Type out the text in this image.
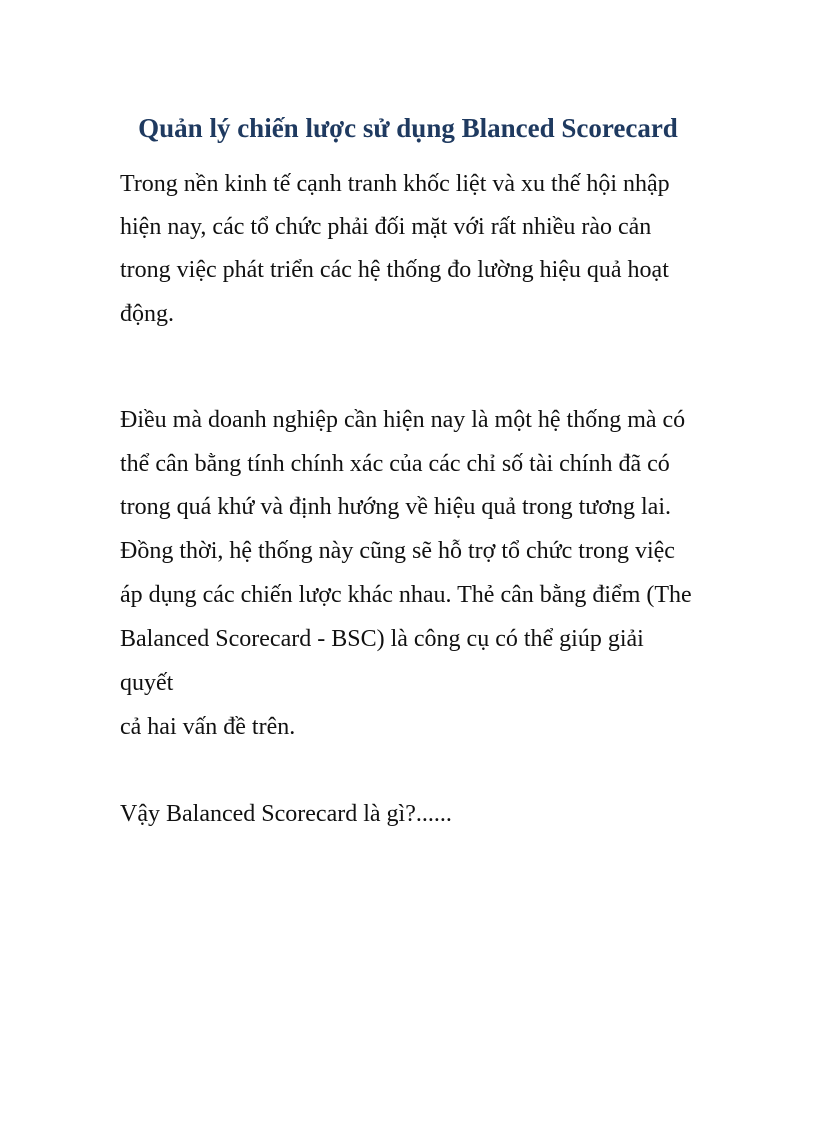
Quản lý chiến lược sử dụng Blanced Scorecard

Trong nền kinh tế cạnh tranh khốc liệt và xu thế hội nhập

hiện nay, các tổ chức phải đối mặt với rất nhiều rào cản

trong việc phát triển các hệ thống đo lường hiệu quả hoạt

động.

Điều mà doanh nghiệp cần hiện nay là một hệ thống mà có

thể cân bằng tính chính xác của các chỉ số tài chính đã có

trong quá khứ và định hướng về hiệu quả trong tương lai.

Đồng thời, hệ thống này cũng sẽ hỗ trợ tổ chức trong việc

áp dụng các chiến lược khác nhau. Thẻ cân bằng điểm (The

Balanced Scorecard - BSC) là công cụ có thể giúp giải

quyết

cả hai vấn đề trên.

Vậy Balanced Scorecard là gì?......
